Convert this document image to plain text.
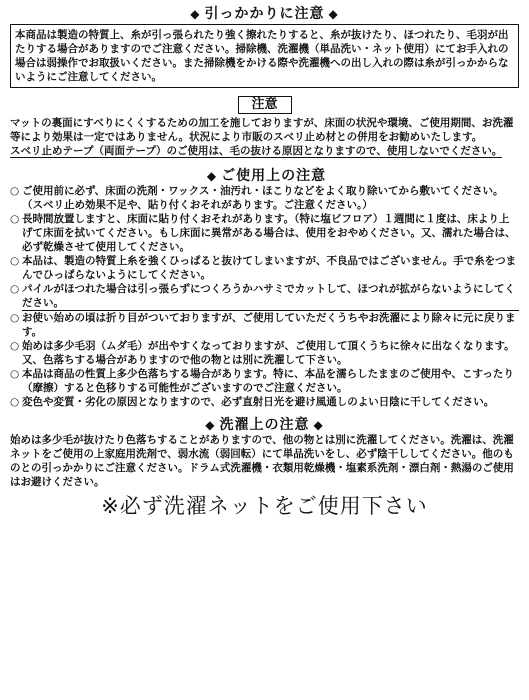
◆ 引っかかりに注意 ◆

本商品は製造の特質上、糸が引っ張られたり強く擦れたりすると、糸が抜けたり、ほつれたり、毛羽が出たりする場合がありますのでご注意ください。掃除機、洗濯機（単品洗い・ネット使用）にてお手入れの場合は弱操作でお取扱いください。また掃除機をかける際や洗濯機への出し入れの際は糸が引っかからないようにご注意してください。

注意

マットの裏面にすべりにくくするための加工を施しておりますが、床面の状況や環境、ご使用期間、お洗濯等により効果は一定ではありません。状況により市販のスベリ止め材との併用をお勧めいたします。

スベリ止めテープ（両面テープ）のご使用は、毛の抜ける原因となりますので、使用しないでください。

◆ ご使用上の注意
○ ご使用前に必ず、床面の洗剤・ワックス・油汚れ・ほこりなどをよく取り除いてから敷いてください。（スベリ止め効果不足や、貼り付くおそれがあります。ご注意ください。）
○ 長時間放置しますと、床面に貼り付くおそれがあります。（特に塩ビフロア）１週間に１度は、床より上げて床面を拭いてください。もし床面に異常がある場合は、使用をおやめください。又、濡れた場合は、必ず乾燥させて使用してください。
○ 本品は、製造の特質上糸を強くひっぱると抜けてしまいますが、不良品ではございません。手で糸をつまんでひっぱらないようにしてください。
○ パイルがほつれた場合は引っ張らずにつくろうかハサミでカットして、ほつれが拡がらないようにしてください。
○ お使い始めの頃は折り目がついておりますが、ご使用していただくうちやお洗濯により除々に元に戻ります。
○ 始めは多少毛羽（ムダ毛）が出やすくなっておりますが、ご使用して頂くうちに徐々に出なくなります。又、色落ちする場合がありますので他の物とは別に洗濯して下さい。
○ 本品は商品の性質上多少色落ちする場合があります。特に、本品を濡らしたままのご使用や、こすったり（摩擦）すると色移りする可能性がございますのでご注意ください。
○ 変色や変質・劣化の原因となりますので、必ず直射日光を避け風通しのよい日陰に干してください。
◆ 洗濯上の注意 ◆

始めは多少毛が抜けたり色落ちすることがありますので、他の物とは別に洗濯してください。洗濯は、洗濯ネットをご使用の上家庭用洗剤で、弱水流（弱回転）にて単品洗いをし、必ず陰干ししてください。他のものとの引っかかりにご注意ください。ドラム式洗濯機・衣類用乾燥機・塩素系洗剤・漂白剤・熱湯のご使用はお避けください。

※必ず洗濯ネットをご使用下さい
